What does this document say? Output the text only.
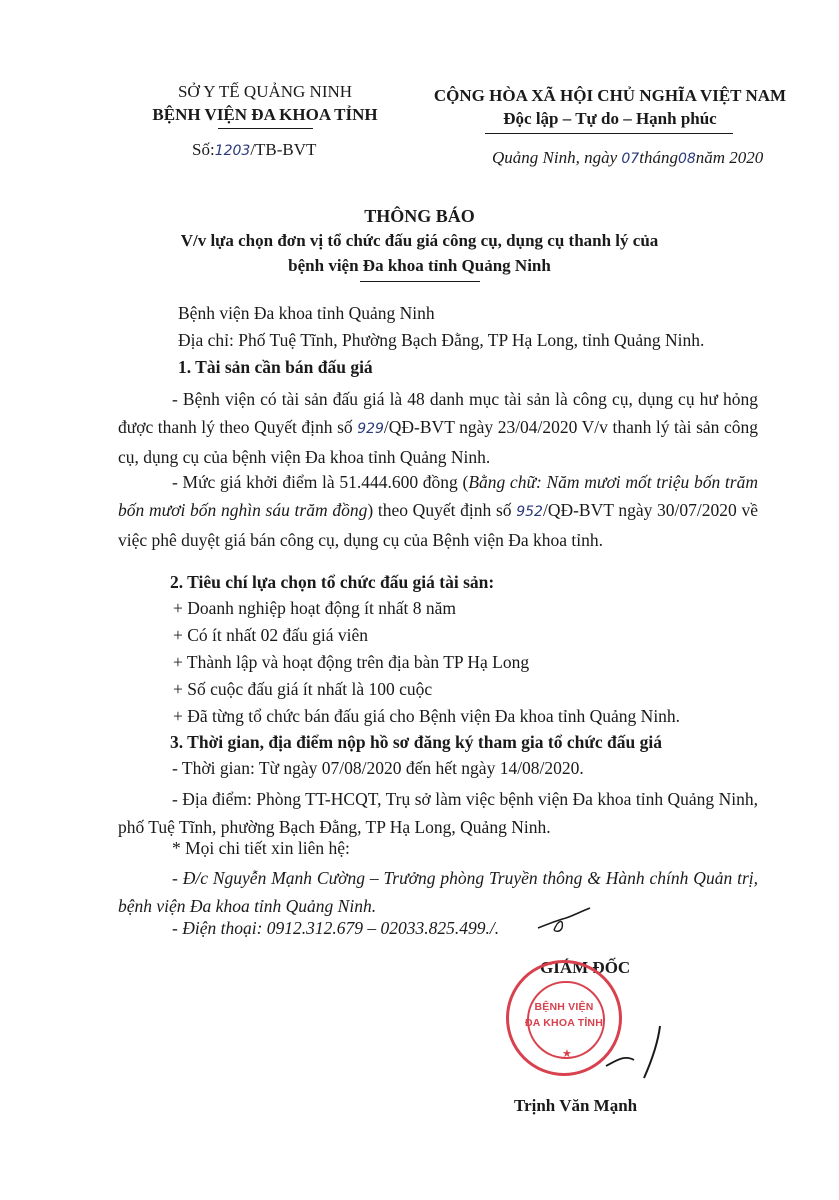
SỞ Y TẾ QUẢNG NINH
BỆNH VIỆN ĐA KHOA TỈNH
Số:1203/TB-BVT
CỘNG HÒA XÃ HỘI CHỦ NGHĨA VIỆT NAM
Độc lập – Tự do – Hạnh phúc
Quảng Ninh, ngày 07tháng08năm 2020
THÔNG BÁO
V/v lựa chọn đơn vị tổ chức đấu giá công cụ, dụng cụ thanh lý của
bệnh viện Đa khoa tỉnh Quảng Ninh
Bệnh viện Đa khoa tỉnh Quảng Ninh
Địa chỉ: Phố Tuệ Tĩnh, Phường Bạch Đằng, TP Hạ Long, tỉnh Quảng Ninh.
1. Tài sản cần bán đấu giá
- Bệnh viện có tài sản đấu giá là 48 danh mục tài sản là công cụ, dụng cụ hư hỏng được thanh lý theo Quyết định số 929/QĐ-BVT ngày 23/04/2020 V/v thanh lý tài sản công cụ, dụng cụ của bệnh viện Đa khoa tỉnh Quảng Ninh.
- Mức giá khởi điểm là 51.444.600 đồng (Bằng chữ: Năm mươi mốt triệu bốn trăm bốn mươi bốn nghìn sáu trăm đồng) theo Quyết định số 952/QĐ-BVT ngày 30/07/2020 về việc phê duyệt giá bán công cụ, dụng cụ của Bệnh viện Đa khoa tỉnh.
2. Tiêu chí lựa chọn tổ chức đấu giá tài sản:
+ Doanh nghiệp hoạt động ít nhất 8 năm
+ Có ít nhất 02 đấu giá viên
+ Thành lập và hoạt động trên địa bàn TP Hạ Long
+ Số cuộc đấu giá ít nhất là 100 cuộc
+ Đã từng tổ chức bán đấu giá cho Bệnh viện Đa khoa tỉnh Quảng Ninh.
3. Thời gian, địa điểm nộp hồ sơ đăng ký tham gia tổ chức đấu giá
- Thời gian: Từ ngày 07/08/2020 đến hết ngày 14/08/2020.
- Địa điểm: Phòng TT-HCQT, Trụ sở làm việc bệnh viện Đa khoa tỉnh Quảng Ninh, phố Tuệ Tĩnh, phường Bạch Đằng, TP Hạ Long, Quảng Ninh.
* Mọi chi tiết xin liên hệ:
- Đ/c Nguyễn Mạnh Cường – Trưởng phòng Truyền thông & Hành chính Quản trị, bệnh viện Đa khoa tỉnh Quảng Ninh.
- Điện thoại: 0912.312.679 – 02033.825.499./.
GIÁM ĐỐC
BỆNH VIỆN
ĐA KHOA TỈNH
★
Trịnh Văn Mạnh
